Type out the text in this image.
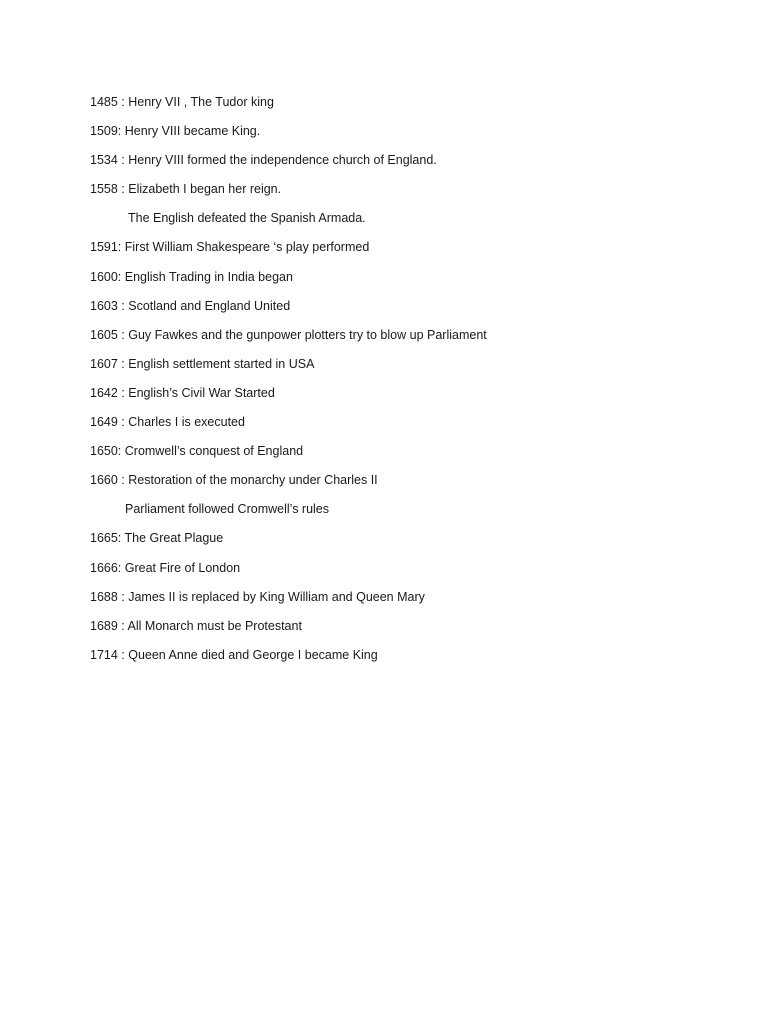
1485 : Henry VII , The Tudor king
1509: Henry VIII became King.
1534 : Henry VIII formed the independence church of England.
1558 : Elizabeth I began her reign.
The English defeated the Spanish Armada.
1591: First William Shakespeare ‘s play performed
1600: English Trading in India began
1603 : Scotland and England United
1605 : Guy Fawkes and the gunpower plotters try to blow up Parliament
1607 : English settlement started in USA
1642 : English’s Civil War Started
1649 : Charles I is executed
1650: Cromwell’s conquest of England
1660 : Restoration of the monarchy under Charles II
Parliament followed Cromwell’s rules
1665: The Great Plague
1666: Great Fire of London
1688 : James II is replaced by King William and Queen Mary
1689 : All Monarch must be Protestant
1714 : Queen Anne died and George I became King
